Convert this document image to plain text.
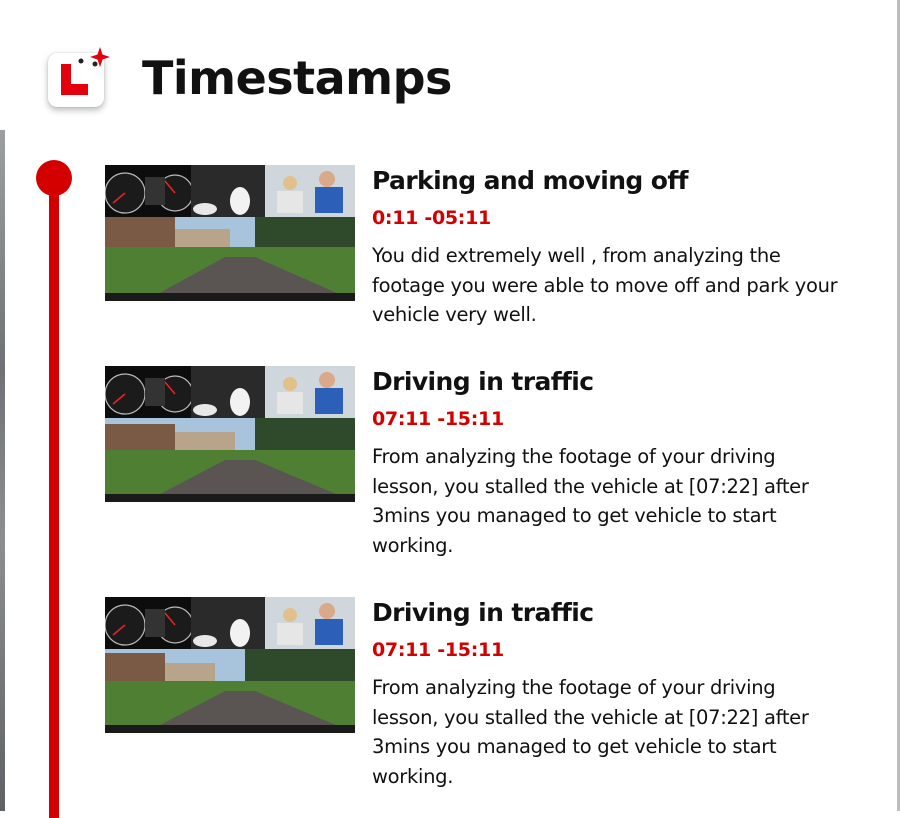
Timestamps
Parking and moving off
0:11 -05:11
You did extremely well , from analyzing the footage you were able to move off and park your vehicle very well.
Driving in traffic
07:11 -15:11
From analyzing the footage of your driving lesson, you stalled the vehicle at [07:22] after 3mins you managed to get vehicle to start working.
Driving in traffic
07:11 -15:11
From analyzing the footage of your driving lesson, you stalled the vehicle at [07:22] after 3mins you managed to get vehicle to start working.
